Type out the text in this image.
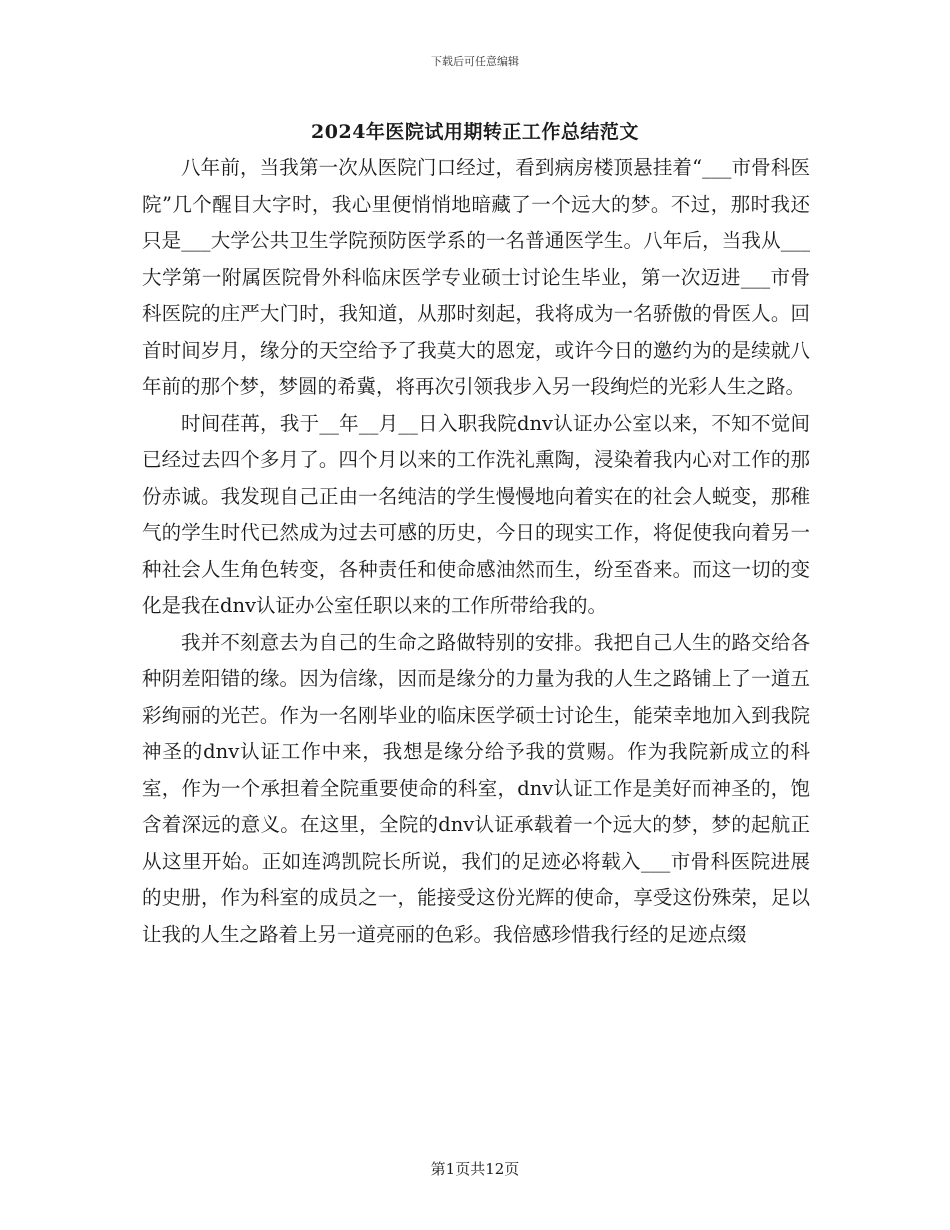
下载后可任意编辑
2024年医院试用期转正工作总结范文

八年前，当我第一次从医院门口经过，看到病房楼顶悬挂着“___市骨科医院”几个醒目大字时，我心里便悄悄地暗藏了一个远大的梦。不过，那时我还只是___大学公共卫生学院预防医学系的一名普通医学生。八年后，当我从___大学第一附属医院骨外科临床医学专业硕士讨论生毕业，第一次迈进___市骨科医院的庄严大门时，我知道，从那时刻起，我将成为一名骄傲的骨医人。回首时间岁月，缘分的天空给予了我莫大的恩宠，或许今日的邀约为的是续就八年前的那个梦，梦圆的希冀，将再次引领我步入另一段绚烂的光彩人生之路。

时间荏苒，我于__年__月__日入职我院dnv认证办公室以来，不知不觉间已经过去四个多月了。四个月以来的工作洗礼熏陶，浸染着我内心对工作的那份赤诚。我发现自己正由一名纯洁的学生慢慢地向着实在的社会人蜕变，那稚气的学生时代已然成为过去可感的历史，今日的现实工作，将促使我向着另一种社会人生角色转变，各种责任和使命感油然而生，纷至沓来。而这一切的变化是我在dnv认证办公室任职以来的工作所带给我的。

我并不刻意去为自己的生命之路做特别的安排。我把自己人生的路交给各种阴差阳错的缘。因为信缘，因而是缘分的力量为我的人生之路铺上了一道五彩绚丽的光芒。作为一名刚毕业的临床医学硕士讨论生，能荣幸地加入到我院神圣的dnv认证工作中来，我想是缘分给予我的赏赐。作为我院新成立的科室，作为一个承担着全院重要使命的科室，dnv认证工作是美好而神圣的，饱含着深远的意义。在这里，全院的dnv认证承载着一个远大的梦，梦的起航正从这里开始。正如连鸿凯院长所说，我们的足迹必将载入___市骨科医院进展的史册，作为科室的成员之一，能接受这份光辉的使命，享受这份殊荣，足以让我的人生之路着上另一道亮丽的色彩。我倍感珍惜我行经的足迹点缀

第1页共12页
